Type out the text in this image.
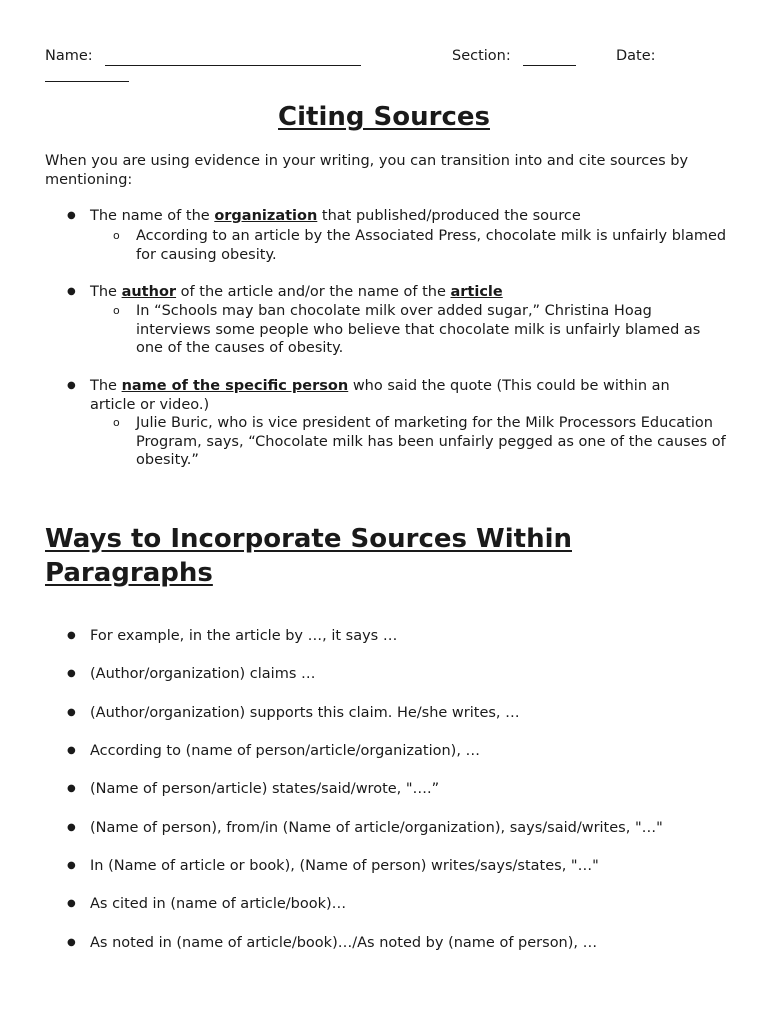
Name:	Section:	Date:
Citing Sources
When you are using evidence in your writing, you can transition into and cite sources by mentioning:
● The name of the organization that published/produced the source
o According to an article by the Associated Press, chocolate milk is unfairly blamed for causing obesity.
● The author of the article and/or the name of the article
o In “Schools may ban chocolate milk over added sugar,” Christina Hoag interviews some people who believe that chocolate milk is unfairly blamed as one of the causes of obesity.
● The name of the specific person who said the quote (This could be within an article or video.)
o Julie Buric, who is vice president of marketing for the Milk Processors Education Program, says, “Chocolate milk has been unfairly pegged as one of the causes of obesity.”
Ways to Incorporate Sources Within Paragraphs
● For example, in the article by …, it says …
● (Author/organization) claims …
● (Author/organization) supports this claim. He/she writes, …
● According to (name of person/article/organization), …
● (Name of person/article) states/said/wrote, "….”
● (Name of person), from/in (Name of article/organization), says/said/writes, "…"
● In (Name of article or book), (Name of person) writes/says/states, "…"
● As cited in (name of article/book)…
● As noted in (name of article/book)…/As noted by (name of person), …
